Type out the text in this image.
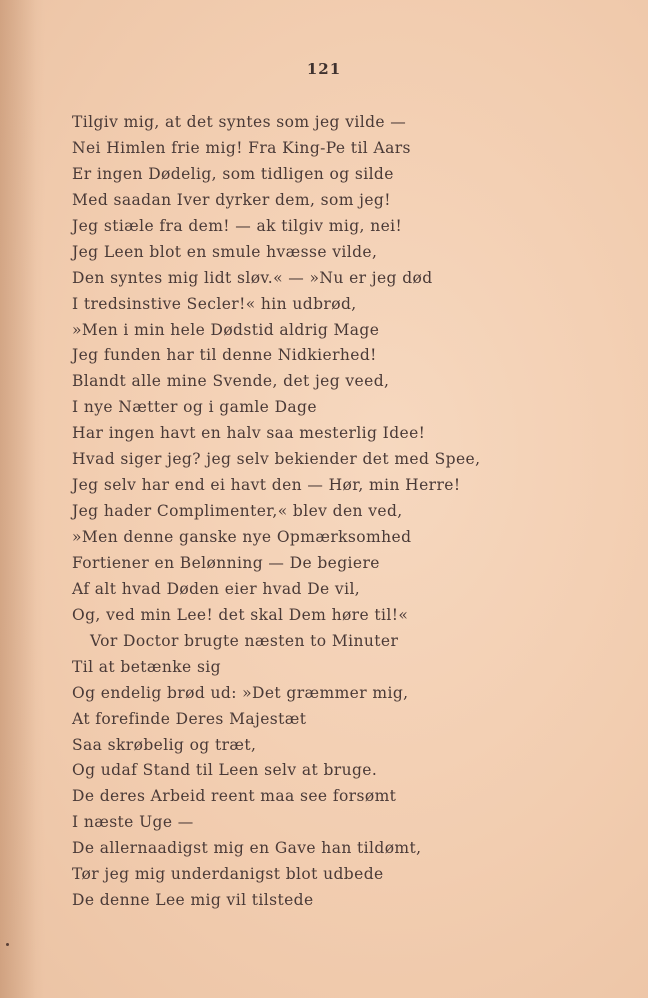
121
Tilgiv mig, at det syntes som jeg vilde —
Nei Himlen frie mig! Fra King-Pe til Aars
Er ingen Dødelig, som tidligen og silde
Med saadan Iver dyrker dem, som jeg!
Jeg stiæle fra dem! — ak tilgiv mig, nei!
Jeg Leen blot en smule hvæsse vilde,
Den syntes mig lidt sløv.« — »Nu er jeg død
I tredsinstive Secler!« hin udbrød,
»Men i min hele Dødstid aldrig Mage
Jeg funden har til denne Nidkierhed!
Blandt alle mine Svende, det jeg veed,
I nye Nætter og i gamle Dage
Har ingen havt en halv saa mesterlig Idee!
Hvad siger jeg? jeg selv bekiender det med Spee,
Jeg selv har end ei havt den — Hør, min Herre!
Jeg hader Complimenter,« blev den ved,
»Men denne ganske nye Opmærksomhed
Fortiener en Belønning — De begiere
Af alt hvad Døden eier hvad De vil,
Og, ved min Lee! det skal Dem høre til!«
Vor Doctor brugte næsten to Minuter
Til at betænke sig
Og endelig brød ud: »Det græmmer mig,
At forefinde Deres Majestæt
Saa skrøbelig og træt,
Og udaf Stand til Leen selv at bruge.
De deres Arbeid reent maa see forsømt
I næste Uge —
De allernaadigst mig en Gave han tildømt,
Tør jeg mig underdanigst blot udbede
De denne Lee mig vil tilstede
